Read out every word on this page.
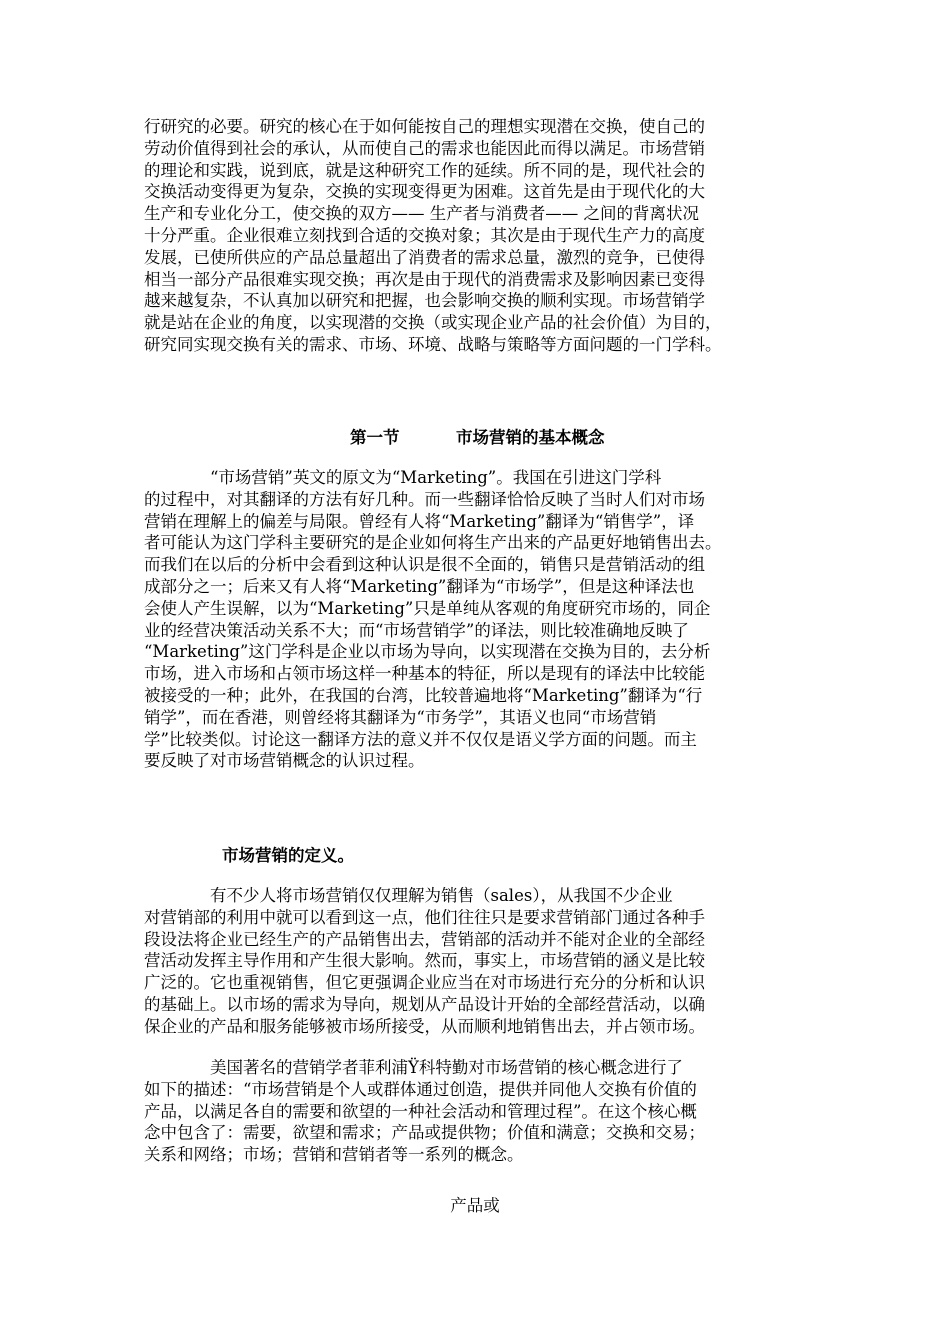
行研究的必要。研究的核心在于如何能按自己的理想实现潜在交换，使自己的
劳动价值得到社会的承认，从而使自己的需求也能因此而得以满足。市场营销
的理论和实践，说到底，就是这种研究工作的延续。所不同的是，现代社会的
交换活动变得更为复杂，交换的实现变得更为困难。这首先是由于现代化的大
生产和专业化分工，使交换的双方—— 生产者与消费者—— 之间的背离状况
十分严重。企业很难立刻找到合适的交换对象；其次是由于现代生产力的高度
发展，已使所供应的产品总量超出了消费者的需求总量，激烈的竞争，已使得
相当一部分产品很难实现交换；再次是由于现代的消费需求及影响因素已变得
越来越复杂，不认真加以研究和把握，也会影响交换的顺利实现。市场营销学
就是站在企业的角度，以实现潜的交换（或实现企业产品的社会价值）为目的，
研究同实现交换有关的需求、市场、环境、战略与策略等方面问题的一门学科。
第一节	市场营销的基本概念
　　　　“市场营销”英文的原文为“Marketing”。我国在引进这门学科
的过程中，对其翻译的方法有好几种。而一些翻译恰恰反映了当时人们对市场
营销在理解上的偏差与局限。曾经有人将“Marketing”翻译为“销售学”，译
者可能认为这门学科主要研究的是企业如何将生产出来的产品更好地销售出去。
而我们在以后的分析中会看到这种认识是很不全面的，销售只是营销活动的组
成部分之一；后来又有人将“Marketing”翻译为“市场学”，但是这种译法也
会使人产生误解，以为“Marketing”只是单纯从客观的角度研究市场的，同企
业的经营决策活动关系不大；而“市场营销学”的译法，则比较准确地反映了
“Marketing”这门学科是企业以市场为导向，以实现潜在交换为目的，去分析
市场，进入市场和占领市场这样一种基本的特征，所以是现有的译法中比较能
被接受的一种；此外，在我国的台湾，比较普遍地将“Marketing”翻译为“行
销学”，而在香港，则曾经将其翻译为“市务学”，其语义也同“市场营销
学”比较类似。讨论这一翻译方法的意义并不仅仅是语义学方面的问题。而主
要反映了对市场营销概念的认识过程。
市场营销的定义。
　　　　有不少人将市场营销仅仅理解为销售（sales），从我国不少企业
对营销部的利用中就可以看到这一点，他们往往只是要求营销部门通过各种手
段设法将企业已经生产的产品销售出去，营销部的活动并不能对企业的全部经
营活动发挥主导作用和产生很大影响。然而，事实上，市场营销的涵义是比较
广泛的。它也重视销售，但它更强调企业应当在对市场进行充分的分析和认识
的基础上。以市场的需求为导向，规划从产品设计开始的全部经营活动，以确
保企业的产品和服务能够被市场所接受，从而顺利地销售出去，并占领市场。
　　　　美国著名的营销学者菲利浦Ÿ科特勤对市场营销的核心概念进行了
如下的描述：“市场营销是个人或群体通过创造，提供并同他人交换有价值的
产品，以满足各自的需要和欲望的一种社会活动和管理过程”。在这个核心概
念中包含了：需要，欲望和需求；产品或提供物；价值和满意；交换和交易；
关系和网络；市场；营销和营销者等一系列的概念。
产品或
